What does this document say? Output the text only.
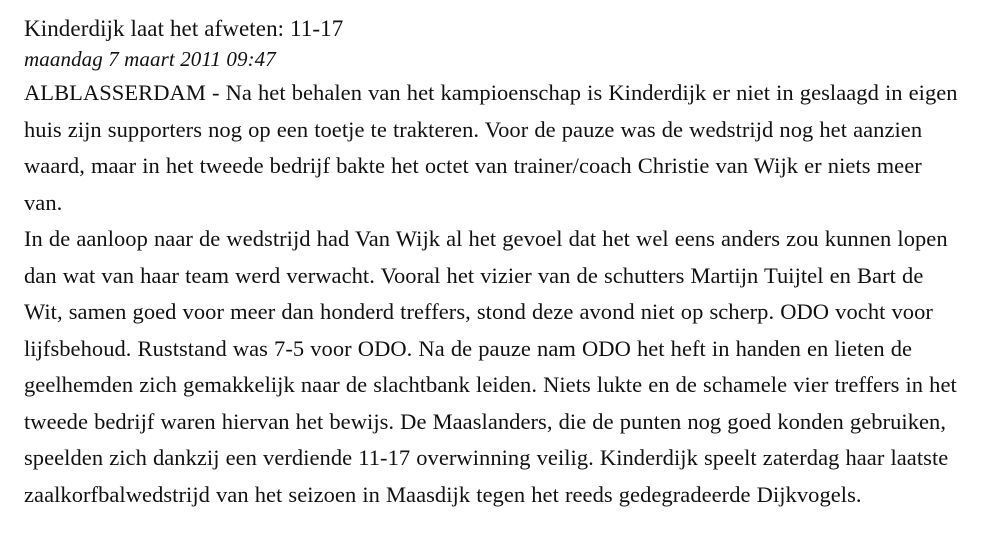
Kinderdijk laat het afweten: 11-17
maandag 7 maart 2011 09:47

ALBLASSERDAM - Na het behalen van het kampioenschap is Kinderdijk er niet in geslaagd in eigen huis zijn supporters nog op een toetje te trakteren. Voor de pauze was de wedstrijd nog het aanzien waard, maar in het tweede bedrijf bakte het octet van trainer/coach Christie van Wijk er niets meer van.

In de aanloop naar de wedstrijd had Van Wijk al het gevoel dat het wel eens anders zou kunnen lopen dan wat van haar team werd verwacht. Vooral het vizier van de schutters Martijn Tuijtel en Bart de Wit, samen goed voor meer dan honderd treffers, stond deze avond niet op scherp. ODO vocht voor lijfsbehoud. Ruststand was 7-5 voor ODO. Na de pauze nam ODO het heft in handen en lieten de geelhemden zich gemakkelijk naar de slachtbank leiden. Niets lukte en de schamele vier treffers in het tweede bedrijf waren hiervan het bewijs. De Maaslanders, die de punten nog goed konden gebruiken, speelden zich dankzij een verdiende 11-17 overwinning veilig. Kinderdijk speelt zaterdag haar laatste zaalkorfbalwedstrijd van het seizoen in Maasdijk tegen het reeds gedegradeerde Dijkvogels.
